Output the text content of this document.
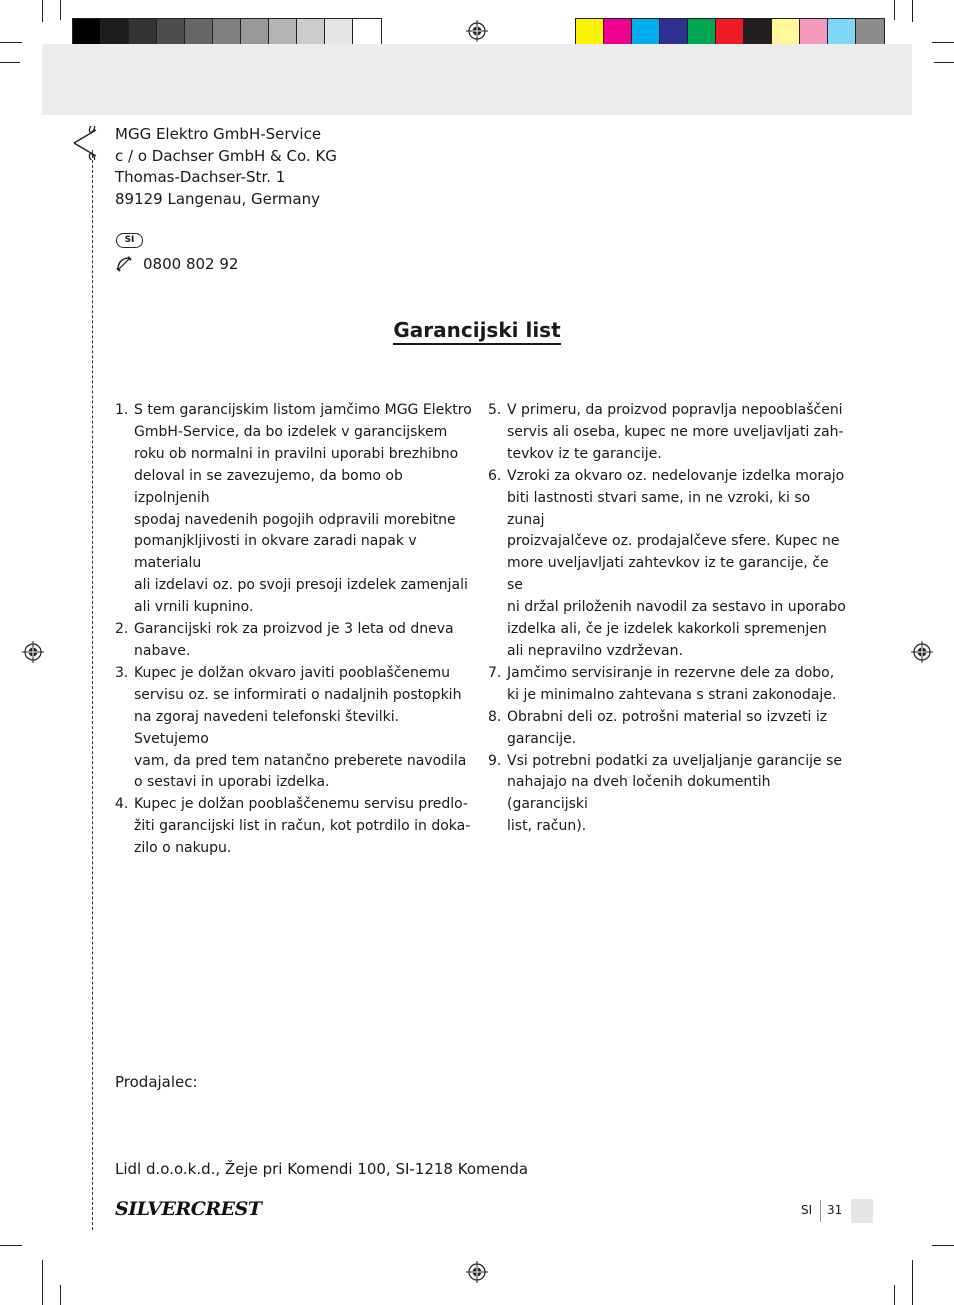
MGG Elektro GmbH-Service
c / o Dachser GmbH & Co. KG
Thomas-Dachser-Str. 1
89129 Langenau, Germany
SI
0800 802 92
Garancijski list

1. S tem garancijskim listom jamčimo MGG Elektro
GmbH-Service, da bo izdelek v garancijskem
roku ob normalni in pravilni uporabi brezhibno
deloval in se zavezujemo, da bomo ob izpolnjenih
spodaj navedenih pogojih odpravili morebitne
pomanjkljivosti in okvare zaradi napak v materialu
ali izdelavi oz. po svoji presoji izdelek zamenjali
ali vrnili kupnino.

2. Garancijski rok za proizvod je 3 leta od dneva
nabave.

3. Kupec je dolžan okvaro javiti pooblaščenemu
servisu oz. se informirati o nadaljnih postopkih
na zgoraj navedeni telefonski številki. Svetujemo
vam, da pred tem natančno preberete navodila
o sestavi in uporabi izdelka.

4. Kupec je dolžan pooblaščenemu servisu predlo-
žiti garancijski list in račun, kot potrdilo in doka-
zilo o nakupu.

5. V primeru, da proizvod popravlja nepooblaščeni
servis ali oseba, kupec ne more uveljavljati zah-
tevkov iz te garancije.

6. Vzroki za okvaro oz. nedelovanje izdelka morajo
biti lastnosti stvari same, in ne vzroki, ki so zunaj
proizvajalčeve oz. prodajalčeve sfere. Kupec ne
more uveljavljati zahtevkov iz te garancije, če se
ni držal priloženih navodil za sestavo in uporabo
izdelka ali, če je izdelek kakorkoli spremenjen
ali nepravilno vzdrževan.

7. Jamčimo servisiranje in rezervne dele za dobo,
ki je minimalno zahtevana s strani zakonodaje.

8. Obrabni deli oz. potrošni material so izvzeti iz
garancije.

9. Vsi potrebni podatki za uveljaljanje garancije se
nahajajo na dveh ločenih dokumentih (garancijski
list, račun).

Prodajalec:
Lidl d.o.o.k.d., Žeje pri Komendi 100, SI-1218 Komenda
SILVERCREST	SI 31
